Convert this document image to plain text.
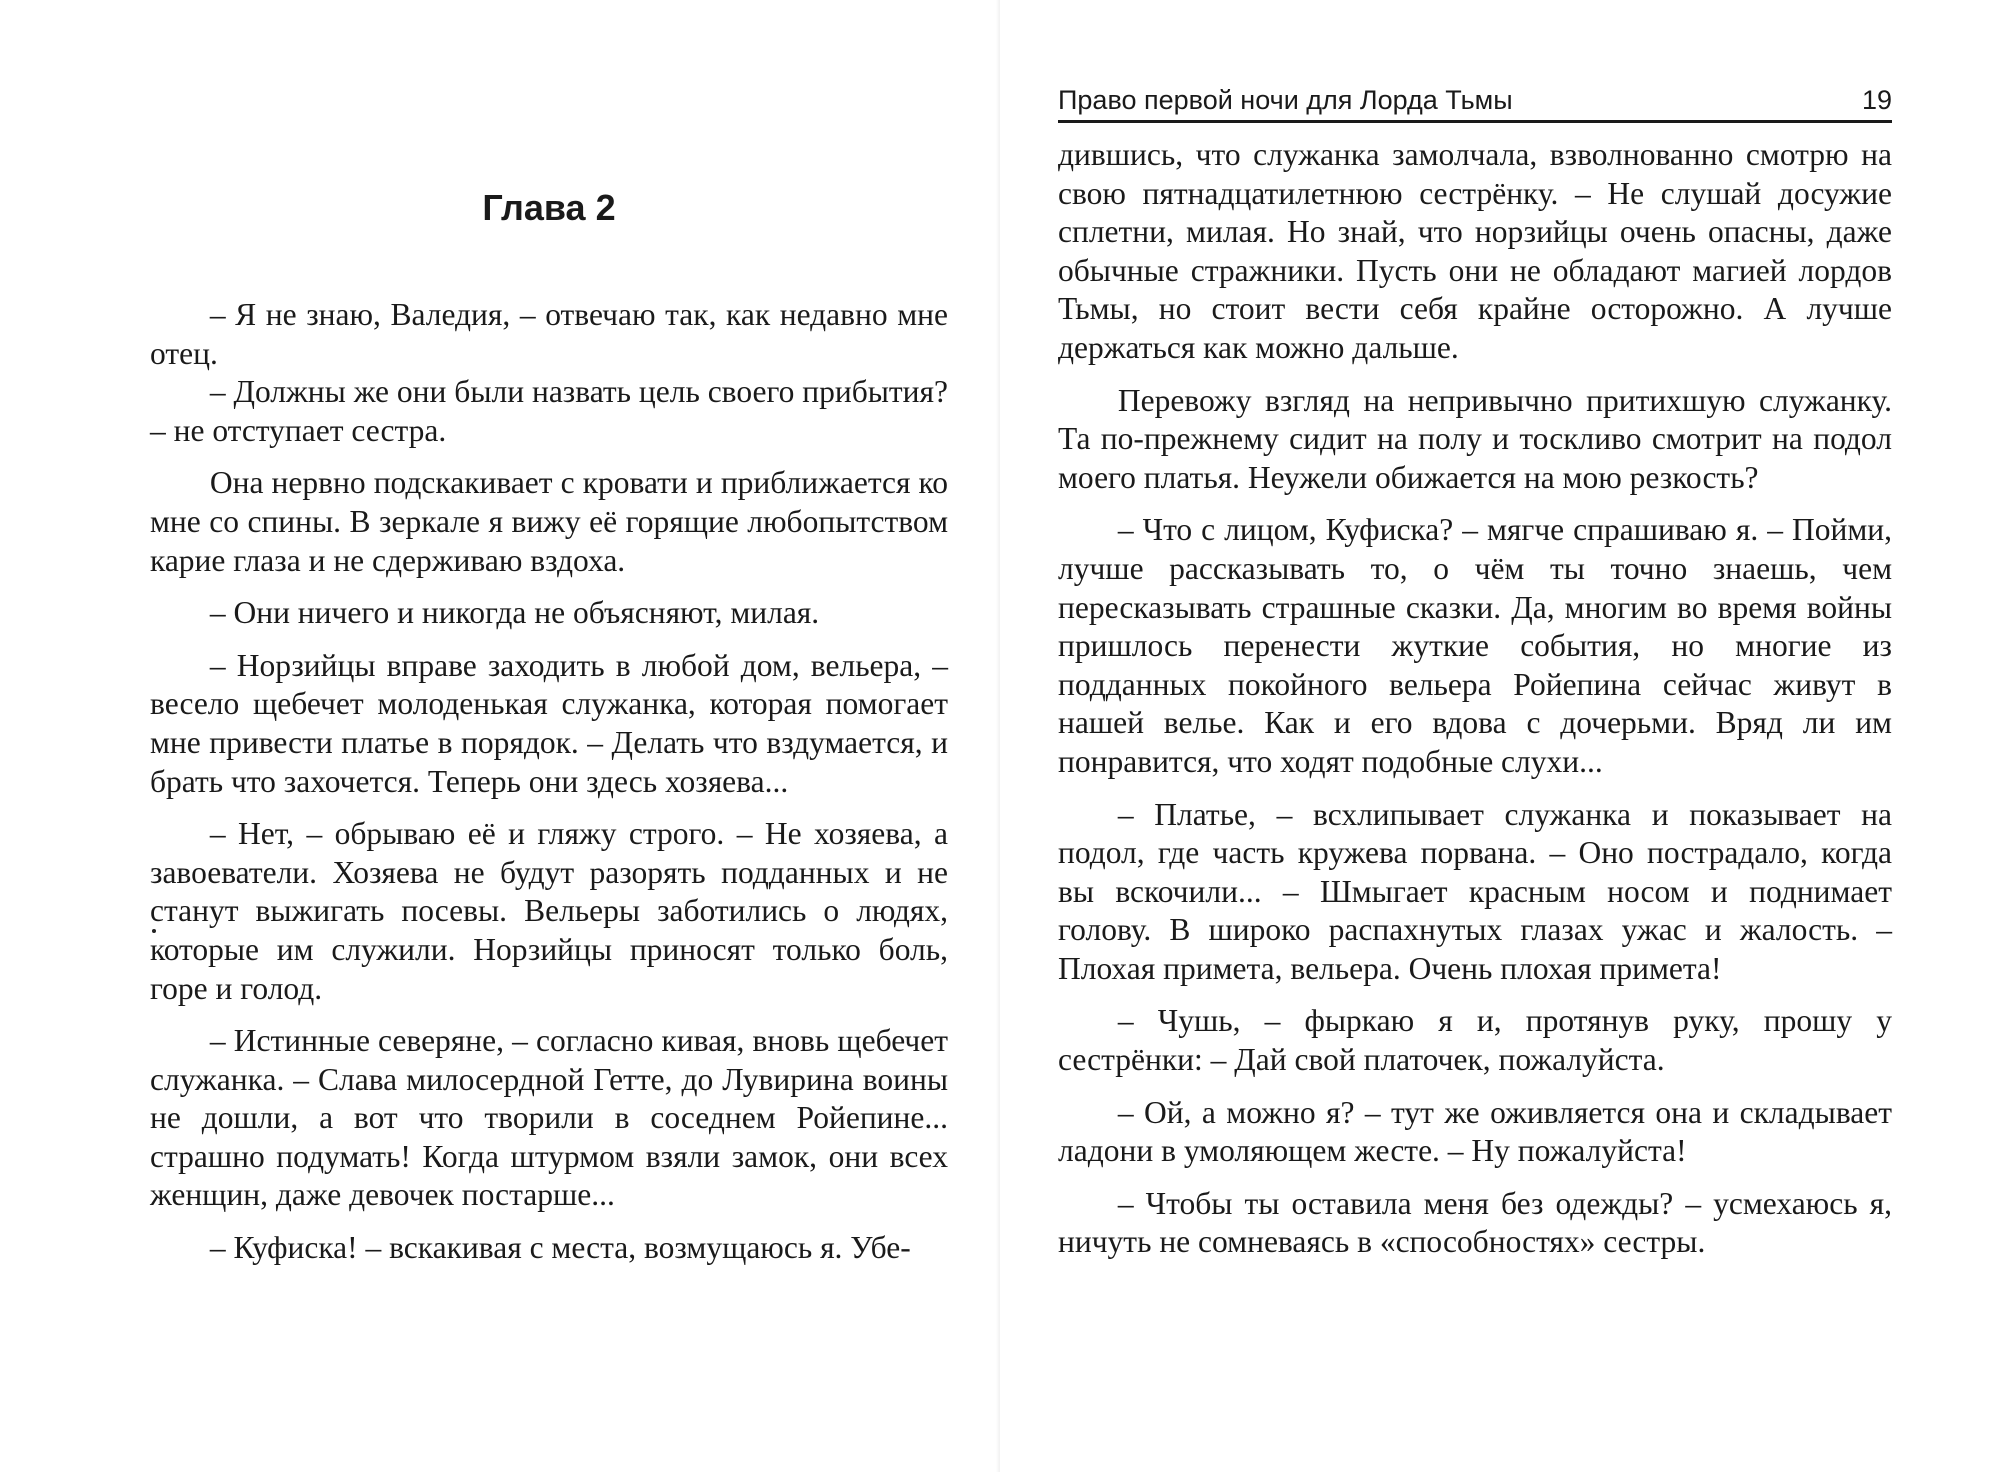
Глава 2

– Я не знаю, Валедия, – отвечаю так, как недавно мне отец.

– Должны же они были назвать цель своего прибытия? – не отступает сестра.

Она нервно подскакивает с кровати и приближается ко мне со спины. В зеркале я вижу её горящие любопытством карие глаза и не сдерживаю вздоха.

– Они ничего и никогда не объясняют, милая.

– Норзийцы вправе заходить в любой дом, вельера, – весело щебечет молоденькая служанка, которая помогает мне привести платье в порядок. – Делать что вздумается, и брать что захочется. Теперь они здесь хозяева...

– Нет, – обрываю её и гляжу строго. – Не хозяева, а завоеватели. Хозяева не будут разорять подданных и не станут выжигать посевы. Вельеры заботились о людях, которые им служили. Норзийцы приносят только боль, горе и голод.

– Истинные северяне, – согласно кивая, вновь щебечет служанка. – Слава милосердной Гетте, до Лувирина воины не дошли, а вот что творили в соседнем Ройепине... страшно подумать! Когда штурмом взяли замок, они всех женщин, даже девочек постарше...

– Куфиска! – вскакивая с места, возмущаюсь я. Убе-

Право первой ночи для Лорда Тьмы	19

дившись, что служанка замолчала, взволнованно смотрю на свою пятнадцатилетнюю сестрёнку. – Не слушай досужие сплетни, милая. Но знай, что норзийцы очень опасны, даже обычные стражники. Пусть они не обладают магией лордов Тьмы, но стоит вести себя крайне осторожно. А лучше держаться как можно дальше.

Перевожу взгляд на непривычно притихшую служанку. Та по-прежнему сидит на полу и тоскливо смотрит на подол моего платья. Неужели обижается на мою резкость?

– Что с лицом, Куфиска? – мягче спрашиваю я. – Пойми, лучше рассказывать то, о чём ты точно знаешь, чем пересказывать страшные сказки. Да, многим во время войны пришлось перенести жуткие события, но многие из подданных покойного вельера Ройепина сейчас живут в нашей велье. Как и его вдова с дочерьми. Вряд ли им понравится, что ходят подобные слухи...

– Платье, – всхлипывает служанка и показывает на подол, где часть кружева порвана. – Оно пострадало, когда вы вскочили... – Шмыгает красным носом и поднимает голову. В широко распахнутых глазах ужас и жалость. – Плохая примета, вельера. Очень плохая примета!

– Чушь, – фыркаю я и, протянув руку, прошу у сестрёнки: – Дай свой платочек, пожалуйста.

– Ой, а можно я? – тут же оживляется она и складывает ладони в умоляющем жесте. – Ну пожалуйста!

– Чтобы ты оставила меня без одежды? – усмехаюсь я, ничуть не сомневаясь в «способностях» сестры.
